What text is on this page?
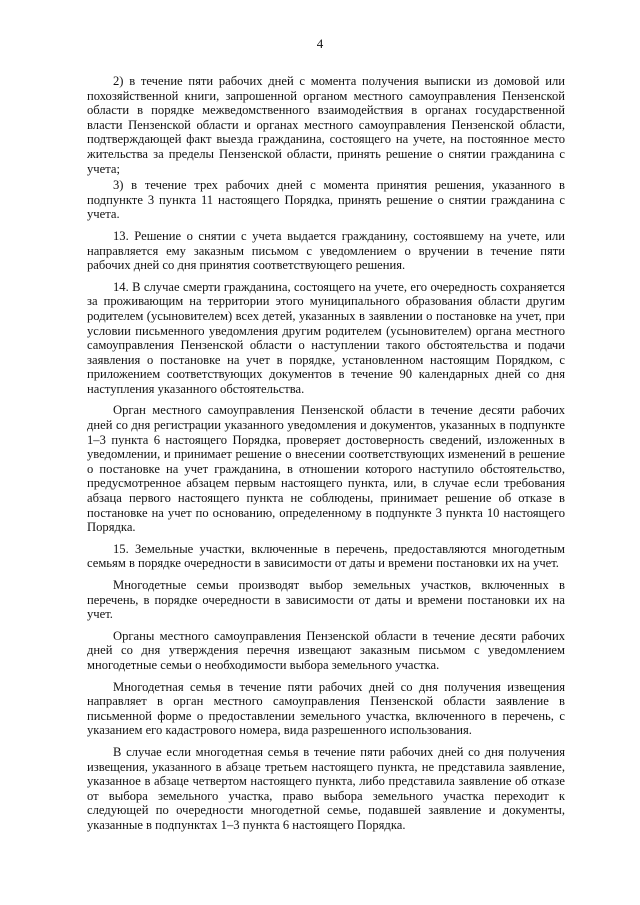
4

2) в течение пяти рабочих дней с момента получения выписки из домовой или похозяйственной книги, запрошенной органом местного самоуправления Пензенской области в порядке межведомственного взаимодействия в органах государственной власти Пензенской области и органах местного самоуправления Пензенской области, подтверждающей факт выезда гражданина, состоящего на учете, на постоянное место жительства за пределы Пензенской области, принять решение о снятии гражданина с учета;

3) в течение трех рабочих дней с момента принятия решения, указанного в подпункте 3 пункта 11 настоящего Порядка, принять решение о снятии гражданина с учета.

13. Решение о снятии с учета выдается гражданину, состоявшему на учете, или направляется ему заказным письмом с уведомлением о вручении в течение пяти рабочих дней со дня принятия соответствующего решения.

14. В случае смерти гражданина, состоящего на учете, его очередность сохраняется за проживающим на территории этого муниципального образования области другим родителем (усыновителем) всех детей, указанных в заявлении о постановке на учет, при условии письменного уведомления другим родителем (усыновителем) органа местного самоуправления Пензенской области о наступлении такого обстоятельства и подачи заявления о постановке на учет в порядке, установленном настоящим Порядком, с приложением соответствующих документов в течение 90 календарных дней со дня наступления указанного обстоятельства.

Орган местного самоуправления Пензенской области в течение десяти рабочих дней со дня регистрации указанного уведомления и документов, указанных в подпункте 1–3 пункта 6 настоящего Порядка, проверяет достоверность сведений, изложенных в уведомлении, и принимает решение о внесении соответствующих изменений в решение о постановке на учет гражданина, в отношении которого наступило обстоятельство, предусмотренное абзацем первым настоящего пункта, или, в случае если требования абзаца первого настоящего пункта не соблюдены, принимает решение об отказе в постановке на учет по основанию, определенному в подпункте 3 пункта 10 настоящего Порядка.

15. Земельные участки, включенные в перечень, предоставляются многодетным семьям в порядке очередности в зависимости от даты и времени постановки их на учет.

Многодетные семьи производят выбор земельных участков, включенных в перечень, в порядке очередности в зависимости от даты и времени постановки их на учет.

Органы местного самоуправления Пензенской области в течение десяти рабочих дней со дня утверждения перечня извещают заказным письмом с уведомлением многодетные семьи о необходимости выбора земельного участка.

Многодетная семья в течение пяти рабочих дней со дня получения извещения направляет в орган местного самоуправления Пензенской области заявление в письменной форме о предоставлении земельного участка, включенного в перечень, с указанием его кадастрового номера, вида разрешенного использования.

В случае если многодетная семья в течение пяти рабочих дней со дня получения извещения, указанного в абзаце третьем настоящего пункта, не представила заявление, указанное в абзаце четвертом настоящего пункта, либо представила заявление об отказе от выбора земельного участка, право выбора земельного участка переходит к следующей по очередности многодетной семье, подавшей заявление и документы, указанные в подпунктах 1–3 пункта 6 настоящего Порядка.
